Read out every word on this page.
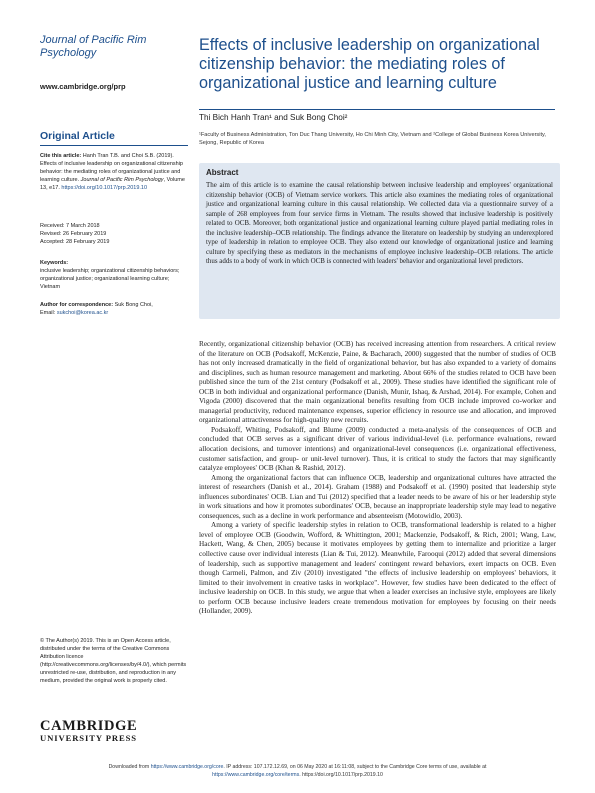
Journal of Pacific Rim
Psychology
www.cambridge.org/prp
Effects of inclusive leadership on organizational
citizenship behavior: the mediating roles of
organizational justice and learning culture
Thi Bich Hanh Tran¹ and Suk Bong Choi²
¹Faculty of Business Administration, Ton Duc Thang University, Ho Chi Minh City, Vietnam and ²College of Global Business Korea University, Sejong, Republic of Korea
Abstract
The aim of this article is to examine the causal relationship between inclusive leadership and employees' organizational citizenship behavior (OCB) of Vietnam service workers. This article also examines the mediating roles of organizational justice and organizational learning culture in this causal relationship. We collected data via a questionnaire survey of a sample of 268 employees from four service firms in Vietnam. The results showed that inclusive leadership is positively related to OCB. Moreover, both organizational justice and organizational learning culture played partial mediating roles in the inclusive leadership–OCB relationship. The findings advance the literature on leadership by studying an underexplored type of leadership in relation to employee OCB. They also extend our knowledge of organizational justice and learning culture by specifying these as mediators in the mechanisms of employee inclusive leadership–OCB relations. The article thus adds to a body of work in which OCB is connected with leaders' behavior and organizational level predictors.
Original Article
Cite this article: Hanh Tran T.B. and Choi S.B. (2019). Effects of inclusive leadership on organizational citizenship behavior: the mediating roles of organizational justice and learning culture. Journal of Pacific Rim Psychology, Volume 13, e17. https://doi.org/10.1017/prp.2019.10
Received: 7 March 2018
Revised: 26 February 2019
Accepted: 28 February 2019
Keywords:
inclusive leadership; organizational citizenship behaviors; organizational justice; organizational learning culture; Vietnam
Author for correspondence: Suk Bong Choi,
Email: sukchoi@korea.ac.kr
© The Author(s) 2019. This is an Open Access article, distributed under the terms of the Creative Commons Attribution licence (http://creativecommons.org/licenses/by/4.0/), which permits unrestricted re-use, distribution, and reproduction in any medium, provided the original work is properly cited.
CAMBRIDGE
UNIVERSITY PRESS

Recently, organizational citizenship behavior (OCB) has received increasing attention from researchers. A critical review of the literature on OCB (Podsakoff, McKenzie, Paine, & Bacharach, 2000) suggested that the number of studies of OCB has not only increased dramatically in the field of organizational behavior, but has also expanded to a variety of domains and disciplines, such as human resource management and marketing. About 66% of the studies related to OCB have been published since the turn of the 21st century (Podsakoff et al., 2009). These studies have identified the significant role of OCB in both individual and organizational performance (Danish, Munir, Ishaq, & Arshad, 2014). For example, Cohen and Vigoda (2000) discovered that the main organizational benefits resulting from OCB include improved co-worker and managerial productivity, reduced maintenance expenses, superior efficiency in resource use and allocation, and improved organizational attractiveness for high-quality new recruits.

Podsakoff, Whiting, Podsakoff, and Blume (2009) conducted a meta-analysis of the consequences of OCB and concluded that OCB serves as a significant driver of various individual-level (i.e. performance evaluations, reward allocation decisions, and turnover intentions) and organizational-level consequences (i.e. organizational effectiveness, customer satisfaction, and group- or unit-level turnover). Thus, it is critical to study the factors that may significantly catalyze employees' OCB (Khan & Rashid, 2012).

Among the organizational factors that can influence OCB, leadership and organizational cultures have attracted the interest of researchers (Danish et al., 2014). Graham (1988) and Podsakoff et al. (1990) posited that leadership style influences subordinates' OCB. Lian and Tui (2012) specified that a leader needs to be aware of his or her leadership style in work situations and how it promotes subordinates' OCB, because an inappropriate leadership style may lead to negative consequences, such as a decline in work performance and absenteeism (Motowidlo, 2003).

Among a variety of specific leadership styles in relation to OCB, transformational leadership is related to a higher level of employee OCB (Goodwin, Wofford, & Whittington, 2001; Mackenzie, Podsakoff, & Rich, 2001; Wang, Law, Hackett, Wang, & Chen, 2005) because it motivates employees by getting them to internalize and prioritize a larger collective cause over individual interests (Lian & Tui, 2012). Meanwhile, Farooqui (2012) added that several dimensions of leadership, such as supportive management and leaders' contingent reward behaviors, exert impacts on OCB. Even though Carmeli, Palmon, and Ziv (2010) investigated "the effects of inclusive leadership on employees' behaviors, it limited to their involvement in creative tasks in workplace". However, few studies have been dedicated to the effect of inclusive leadership on OCB. In this study, we argue that when a leader exercises an inclusive style, employees are likely to perform OCB because inclusive leaders create tremendous motivation for employees by focusing on their needs (Hollander, 2009).

Downloaded from https://www.cambridge.org/core. IP address: 107.172.12.69, on 06 May 2020 at 16:11:08, subject to the Cambridge Core terms of use, available at
https://www.cambridge.org/core/terms. https://doi.org/10.1017/prp.2019.10
